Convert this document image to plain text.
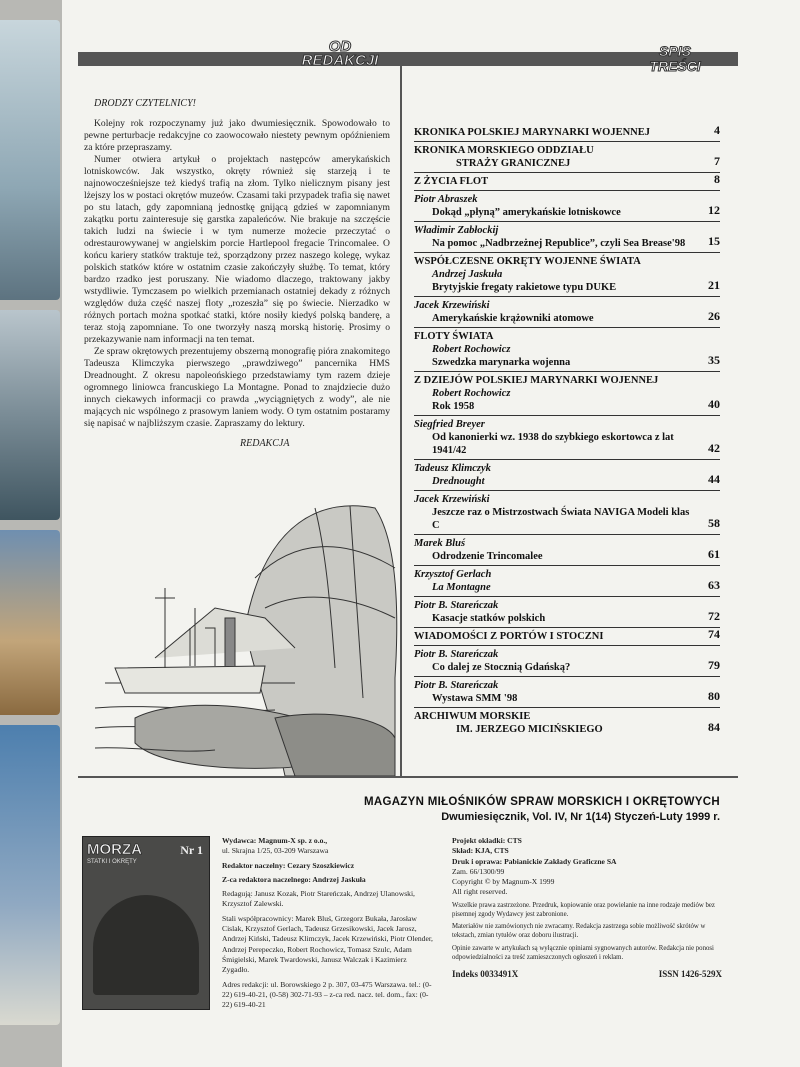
OD REDAKCJI
SPIS TREŚCI
DRODZY CZYTELNICY!

Kolejny rok rozpoczynamy już jako dwumiesięcznik. Spowodowało to pewne perturbacje redakcyjne co zaowocowało niestety pewnym opóźnieniem za które przepraszamy.

Numer otwiera artykuł o projektach następców amerykańskich lotniskowców. Jak wszystko, okręty również się starzeją i te najnowocześniejsze też kiedyś trafią na złom. Tylko nielicznym pisany jest lżejszy los w postaci okrętów muzeów. Czasami taki przypadek trafia się nawet po stu latach, gdy zapomnianą jednostkę gnijącą gdzieś w zapomnianym zakątku portu zainteresuje się garstka zapaleńców. Nie brakuje na szczęście takich ludzi na świecie i w tym numerze możecie przeczytać o odrestaurowywanej w angielskim porcie Hartlepool fregacie Trincomalee. O końcu kariery statków traktuje też, sporządzony przez naszego kolegę, wykaz polskich statków które w ostatnim czasie zakończyły służbę. To temat, który bardzo rzadko jest poruszany. Nie wiadomo dlaczego, traktowany jakby wstydliwie. Tymczasem po wielkich przemianach ostatniej dekady z różnych względów duża część naszej floty „rozeszła” się po świecie. Nierzadko w różnych portach można spotkać statki, które nosiły kiedyś polską banderę, a teraz stoją zapomniane. To one tworzyły naszą morską historię. Prosimy o przekazywanie nam informacji na ten temat.

Ze spraw okrętowych prezentujemy obszerną monografię pióra znakomitego Tadeusza Klimczyka pierwszego „prawdziwego” pancernika HMS Dreadnought. Z okresu napoleońskiego przedstawiamy tym razem dzieje ogromnego liniowca francuskiego La Montagne. Ponad to znajdziecie dużo innych ciekawych informacji co prawda „wyciągniętych z wody”, ale nie mających nic wspólnego z prasowym laniem wody. O tym ostatnim postaramy się napisać w najbliższym czasie. Zapraszamy do lektury.

REDAKCJA
KRONIKA POLSKIEJ MARYNARKI WOJENNEJ	4
KRONIKA MORSKIEGO ODDZIAŁU
STRAŻY GRANICZNEJ	7
Z ŻYCIA FLOT	8
Piotr Abraszek
Dokąd „płyną” amerykańskie lotniskowce	12
Władimir Zabłockij
Na pomoc „Nadbrzeżnej Republice”, czyli Sea Brease'98	15
WSPÓŁCZESNE OKRĘTY WOJENNE ŚWIATA
Andrzej Jaskuła
Brytyjskie fregaty rakietowe typu DUKE	21
Jacek Krzewiński
Amerykańskie krążowniki atomowe	26
FLOTY ŚWIATA
Robert Rochowicz
Szwedzka marynarka wojenna	35
Z DZIEJÓW POLSKIEJ MARYNARKI WOJENNEJ
Robert Rochowicz
Rok 1958	40
Siegfried Breyer
Od kanonierki wz. 1938 do szybkiego eskortowca z lat 1941/42	42
Tadeusz Klimczyk
Drednought	44
Jacek Krzewiński
Jeszcze raz o Mistrzostwach Świata NAVIGA Modeli klas C	58
Marek Bluś
Odrodzenie Trincomalee	61
Krzysztof Gerlach
La Montagne	63
Piotr B. Stareńczak
Kasacje statków polskich	72
WIADOMOŚCI Z PORTÓW I STOCZNI	74
Piotr B. Stareńczak
Co dalej ze Stocznią Gdańską?	79
Piotr B. Stareńczak
Wystawa SMM '98	80
ARCHIWUM MORSKIE
IM. JERZEGO MICIŃSKIEGO	84
MAGAZYN MIŁOŚNIKÓW SPRAW MORSKICH I OKRĘTOWYCH
Dwumiesięcznik, Vol. IV, Nr 1(14) Styczeń-Luty 1999 r.
MORZA	Nr 1
STATKI I OKRĘTY
Wydawca: Magnum-X sp. z o.o.,
ul. Skrajna 1/25, 03-209 Warszawa
Redaktor naczelny: Cezary Szoszkiewicz
Z-ca redaktora naczelnego: Andrzej Jaskuła
Redagują: Janusz Kozak, Piotr Stareńczak, Andrzej Ulanowski, Krzysztof Zalewski.
Stali współpracownicy: Marek Bluś, Grzegorz Bukała, Jarosław Cislak, Krzysztof Gerlach, Tadeusz Grzesikowski, Jacek Jarosz, Andrzej Kiński, Tadeusz Klimczyk, Jacek Krzewiński, Piotr Olender, Andrzej Perepeczko, Robert Rochowicz, Tomasz Szulc, Adam Śmigielski, Marek Twardowski, Janusz Walczak i Kazimierz Zygadło.
Adres redakcji: ul. Borowskiego 2 p. 307, 03-475 Warszawa. tel.: (0-22) 619-40-21, (0-58) 302-71-93 – z-ca red. nacz. tel. dom., fax: (0-22) 619-40-21
Projekt okładki: CTS
Skład: KJA, CTS
Druk i oprawa: Pabianickie Zakłady Graficzne SA
Zam. 66/1300/99
Copyright © by Magnum-X 1999
All right reserved.
Wszelkie prawa zastrzeżone. Przedruk, kopiowanie oraz powielanie na inne rodzaje mediów bez pisemnej zgody Wydawcy jest zabronione.
Materiałów nie zamówionych nie zwracamy. Redakcja zastrzega sobie możliwość skrótów w tekstach, zmian tytułów oraz doboru ilustracji.
Opinie zawarte w artykułach są wyłącznie opiniami sygnowanych autorów. Redakcja nie ponosi odpowiedzialności za treść zamieszczonych ogłoszeń i reklam.
Indeks 0033491X	ISSN 1426-529X
